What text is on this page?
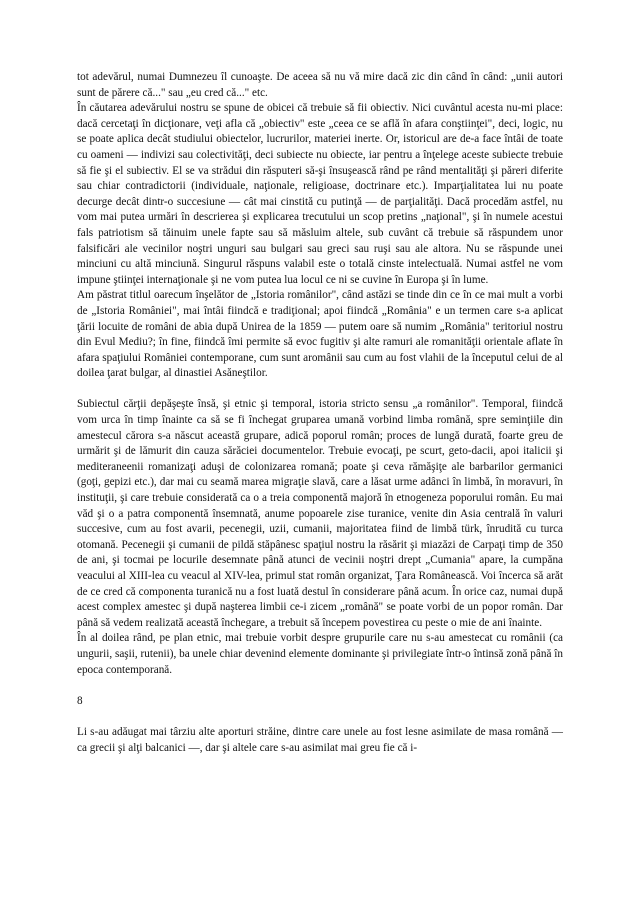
tot adevărul, numai Dumnezeu îl cunoaşte. De aceea să nu vă mire dacă zic din când în când: „unii autori sunt de părere că..." sau „eu cred că..." etc.

În căutarea adevărului nostru se spune de obicei că trebuie să fii obiectiv. Nici cuvântul acesta nu-mi place: dacă cercetaţi în dicţionare, veţi afla că „obiectiv" este „ceea ce se află în afara conştiinţei", deci, logic, nu se poate aplica decât studiului obiectelor, lucrurilor, materiei inerte. Or, istoricul are de-a face întâi de toate cu oameni — indivizi sau colectivităţi, deci subiecte nu obiecte, iar pentru a înţelege aceste subiecte trebuie să fie şi el subiectiv. El se va strădui din răsputeri să-şi însuşească rând pe rând mentalităţi şi păreri diferite sau chiar contradictorii (individuale, naţionale, religioase, doctrinare etc.). Imparţialitatea lui nu poate decurge decât dintr-o succesiune — cât mai cinstită cu putinţă — de parţialităţi. Dacă procedăm astfel, nu vom mai putea urmări în descrierea şi explicarea trecutului un scop pretins „naţional", şi în numele acestui fals patriotism să tăinuim unele fapte sau să măsluim altele, sub cuvânt că trebuie să răspundem unor falsificări ale vecinilor noştri unguri sau bulgari sau greci sau ruşi sau ale altora. Nu se răspunde unei minciuni cu altă minciună. Singurul răspuns valabil este o totală cinste intelectuală. Numai astfel ne vom impune ştiinţei internaţionale şi ne vom putea lua locul ce ni se cuvine în Europa şi în lume.

Am păstrat titlul oarecum înşelător de „Istoria românilor", când astăzi se tinde din ce în ce mai mult a vorbi de „Istoria României", mai întâi fiindcă e tradiţional; apoi fiindcă „România" e un termen care s-a aplicat ţării locuite de români de abia după Unirea de la 1859 — putem oare să numim „România" teritoriul nostru din Evul Mediu?; în fine, fiindcă îmi permite să evoc fugitiv şi alte ramuri ale romanităţii orientale aflate în afara spaţiului României contemporane, cum sunt aromânii sau cum au fost vlahii de la începutul celui de al doilea ţarat bulgar, al dinastiei Asăneştilor.

Subiectul cărţii depăşeşte însă, şi etnic şi temporal, istoria stricto sensu „a românilor". Temporal, fiindcă vom urca în timp înainte ca să se fi închegat gruparea umană vorbind limba română, spre seminţiile din amestecul cărora s-a născut această grupare, adică poporul român; proces de lungă durată, foarte greu de urmărit şi de lămurit din cauza sărăciei documentelor. Trebuie evocaţi, pe scurt, geto-dacii, apoi italicii şi mediteraneenii romanizaţi aduşi de colonizarea romană; poate şi ceva rămăşiţe ale barbarilor germanici (goţi, gepizi etc.), dar mai cu seamă marea migraţie slavă, care a lăsat urme adânci în limbă, în moravuri, în instituţii, şi care trebuie considerată ca o a treia componentă majoră în etnogeneza poporului român. Eu mai văd şi o a patra componentă însemnată, anume popoarele zise turanice, venite din Asia centrală în valuri succesive, cum au fost avarii, pecenegii, uzii, cumanii, majoritatea fiind de limbă türk, înrudită cu turca otomană. Pecenegii şi cumanii de pildă stăpânesc spaţiul nostru la răsărit şi miazăzi de Carpaţi timp de 350 de ani, şi tocmai pe locurile desemnate până atunci de vecinii noştri drept „Cumania" apare, la cumpăna veacului al XIII-lea cu veacul al XIV-lea, primul stat român organizat, Ţara Românească. Voi încerca să arăt de ce cred că componenta turanică nu a fost luată destul în considerare până acum. În orice caz, numai după acest complex amestec şi după naşterea limbii ce-i zicem „română" se poate vorbi de un popor român. Dar până să vedem realizată această închegare, a trebuit să începem povestirea cu peste o mie de ani înainte.

În al doilea rând, pe plan etnic, mai trebuie vorbit despre grupurile care nu s-au amestecat cu românii (ca ungurii, saşii, rutenii), ba unele chiar devenind elemente dominante şi privilegiate într-o întinsă zonă până în epoca contemporană.

8

Li s-au adăugat mai târziu alte aporturi străine, dintre care unele au fost lesne asimilate de masa română — ca grecii şi alţi balcanici —, dar şi altele care s-au asimilat mai greu fie că i-
